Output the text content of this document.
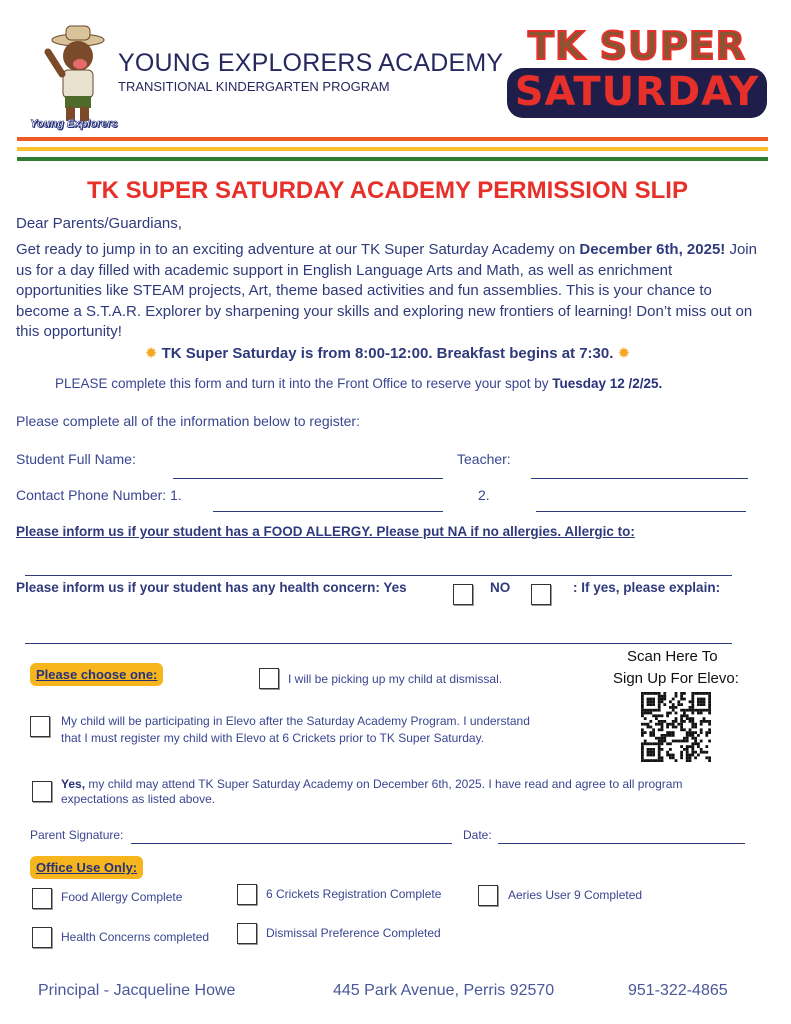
Young Explorers
YOUNG EXPLORERS ACADEMY
TRANSITIONAL KINDERGARTEN PROGRAM
TK SUPER
SATURDAY
TK SUPER SATURDAY ACADEMY PERMISSION SLIP
Dear Parents/Guardians,

Get ready to jump in to an exciting adventure at our TK Super Saturday Academy on December 6th, 2025! Join us for a day filled with academic support in English Language Arts and Math, as well as enrichment opportunities like STEAM projects, Art, theme based activities and fun assemblies. This is your chance to become a S.T.A.R. Explorer by sharpening your skills and exploring new frontiers of learning! Don’t miss out on this opportunity!

✹ TK Super Saturday is from 8:00-12:00. Breakfast begins at 7:30. ✹
PLEASE complete this form and turn it into the Front Office to reserve your spot by Tuesday 12 /2/25.
Please complete all of the information below to register:
Student Full Name:	Teacher:
Contact Phone Number: 1.	2.
Please inform us if your student has a FOOD ALLERGY. Please put NA if no allergies. Allergic to:
Please inform us if your student has any health concern: Yes	NO	: If yes, please explain:
Please choose one:	I will be picking up my child at dismissal.
Scan Here To
Sign Up For Elevo:
My child will be participating in Elevo after the Saturday Academy Program. I understand
that I must register my child with Elevo at 6 Crickets prior to TK Super Saturday.
Yes, my child may attend TK Super Saturday Academy on December 6th, 2025. I have read and agree to all program
expectations as listed above.
Parent Signature:	Date:
Office Use Only:
Food Allergy Complete	6 Crickets Registration Complete	Aeries User 9 Completed
Health Concerns completed	Dismissal Preference Completed
Principal - Jacqueline Howe	445 Park Avenue, Perris 92570	951-322-4865
